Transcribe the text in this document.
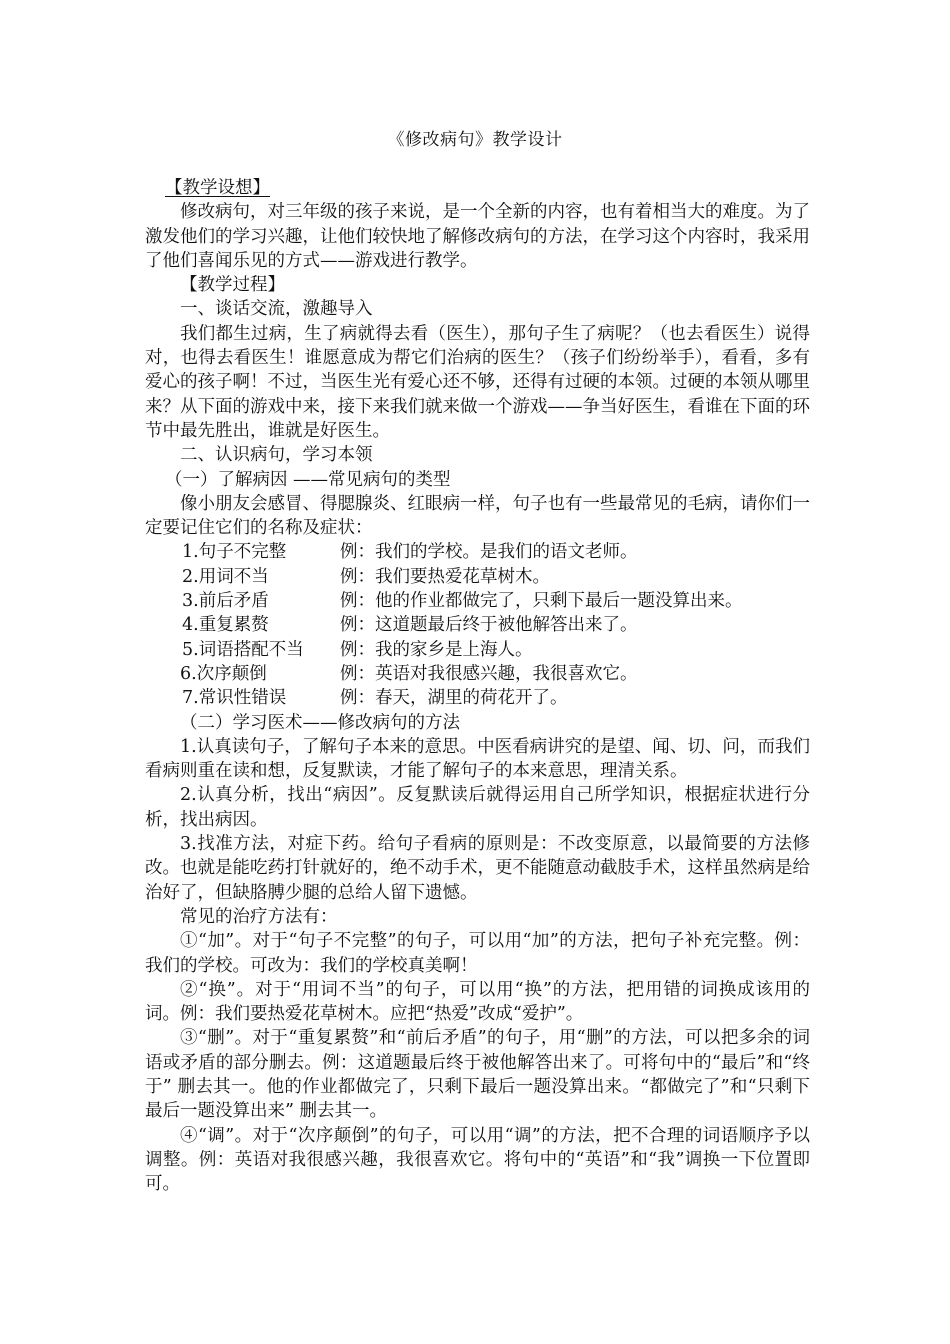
《修改病句》教学设计

【教学设想】

修改病句，对三年级的孩子来说，是一个全新的内容，也有着相当大的难度。为了激发他们的学习兴趣，让他们较快地了解修改病句的方法，在学习这个内容时，我采用了他们喜闻乐见的方式——游戏进行教学。

【教学过程】

一、谈话交流，激趣导入

我们都生过病，生了病就得去看（医生），那句子生了病呢？（也去看医生）说得对，也得去看医生！谁愿意成为帮它们治病的医生？（孩子们纷纷举手），看看，多有爱心的孩子啊！不过，当医生光有爱心还不够，还得有过硬的本领。过硬的本领从哪里来？从下面的游戏中来，接下来我们就来做一个游戏——争当好医生，看谁在下面的环节中最先胜出，谁就是好医生。

二、认识病句，学习本领

（一）了解病因 ——常见病句的类型

像小朋友会感冒、得腮腺炎、红眼病一样，句子也有一些最常见的毛病，请你们一定要记住它们的名称及症状：

1.句子不完整	例：我们的学校。是我们的语文老师。
2.用词不当	例：我们要热爱花草树木。
3.前后矛盾	例：他的作业都做完了，只剩下最后一题没算出来。
4.重复累赘	例：这道题最后终于被他解答出来了。
5.词语搭配不当	例：我的家乡是上海人。
6.次序颠倒	例：英语对我很感兴趣，我很喜欢它。
7.常识性错误	例：春天，湖里的荷花开了。

（二）学习医术——修改病句的方法

1.认真读句子，了解句子本来的意思。中医看病讲究的是望、闻、切、问，而我们看病则重在读和想，反复默读，才能了解句子的本来意思，理清关系。

2.认真分析，找出“病因”。反复默读后就得运用自己所学知识，根据症状进行分析，找出病因。

3.找准方法，对症下药。给句子看病的原则是：不改变原意，以最简要的方法修改。也就是能吃药打针就好的，绝不动手术，更不能随意动截肢手术，这样虽然病是给治好了，但缺胳膊少腿的总给人留下遗憾。

常见的治疗方法有：

①“加”。对于“句子不完整”的句子，可以用“加”的方法，把句子补充完整。例：我们的学校。可改为：我们的学校真美啊！

②“换”。对于“用词不当”的句子，可以用“换”的方法，把用错的词换成该用的词。例：我们要热爱花草树木。应把“热爱”改成“爱护”。

③“删”。对于“重复累赘”和“前后矛盾”的句子，用“删”的方法，可以把多余的词语或矛盾的部分删去。例：这道题最后终于被他解答出来了。可将句中的“最后”和“终于” 删去其一。他的作业都做完了，只剩下最后一题没算出来。“都做完了”和“只剩下最后一题没算出来” 删去其一。

④“调”。对于“次序颠倒”的句子，可以用“调”的方法，把不合理的词语顺序予以调整。例：英语对我很感兴趣，我很喜欢它。将句中的“英语”和“我”调换一下位置即可。
